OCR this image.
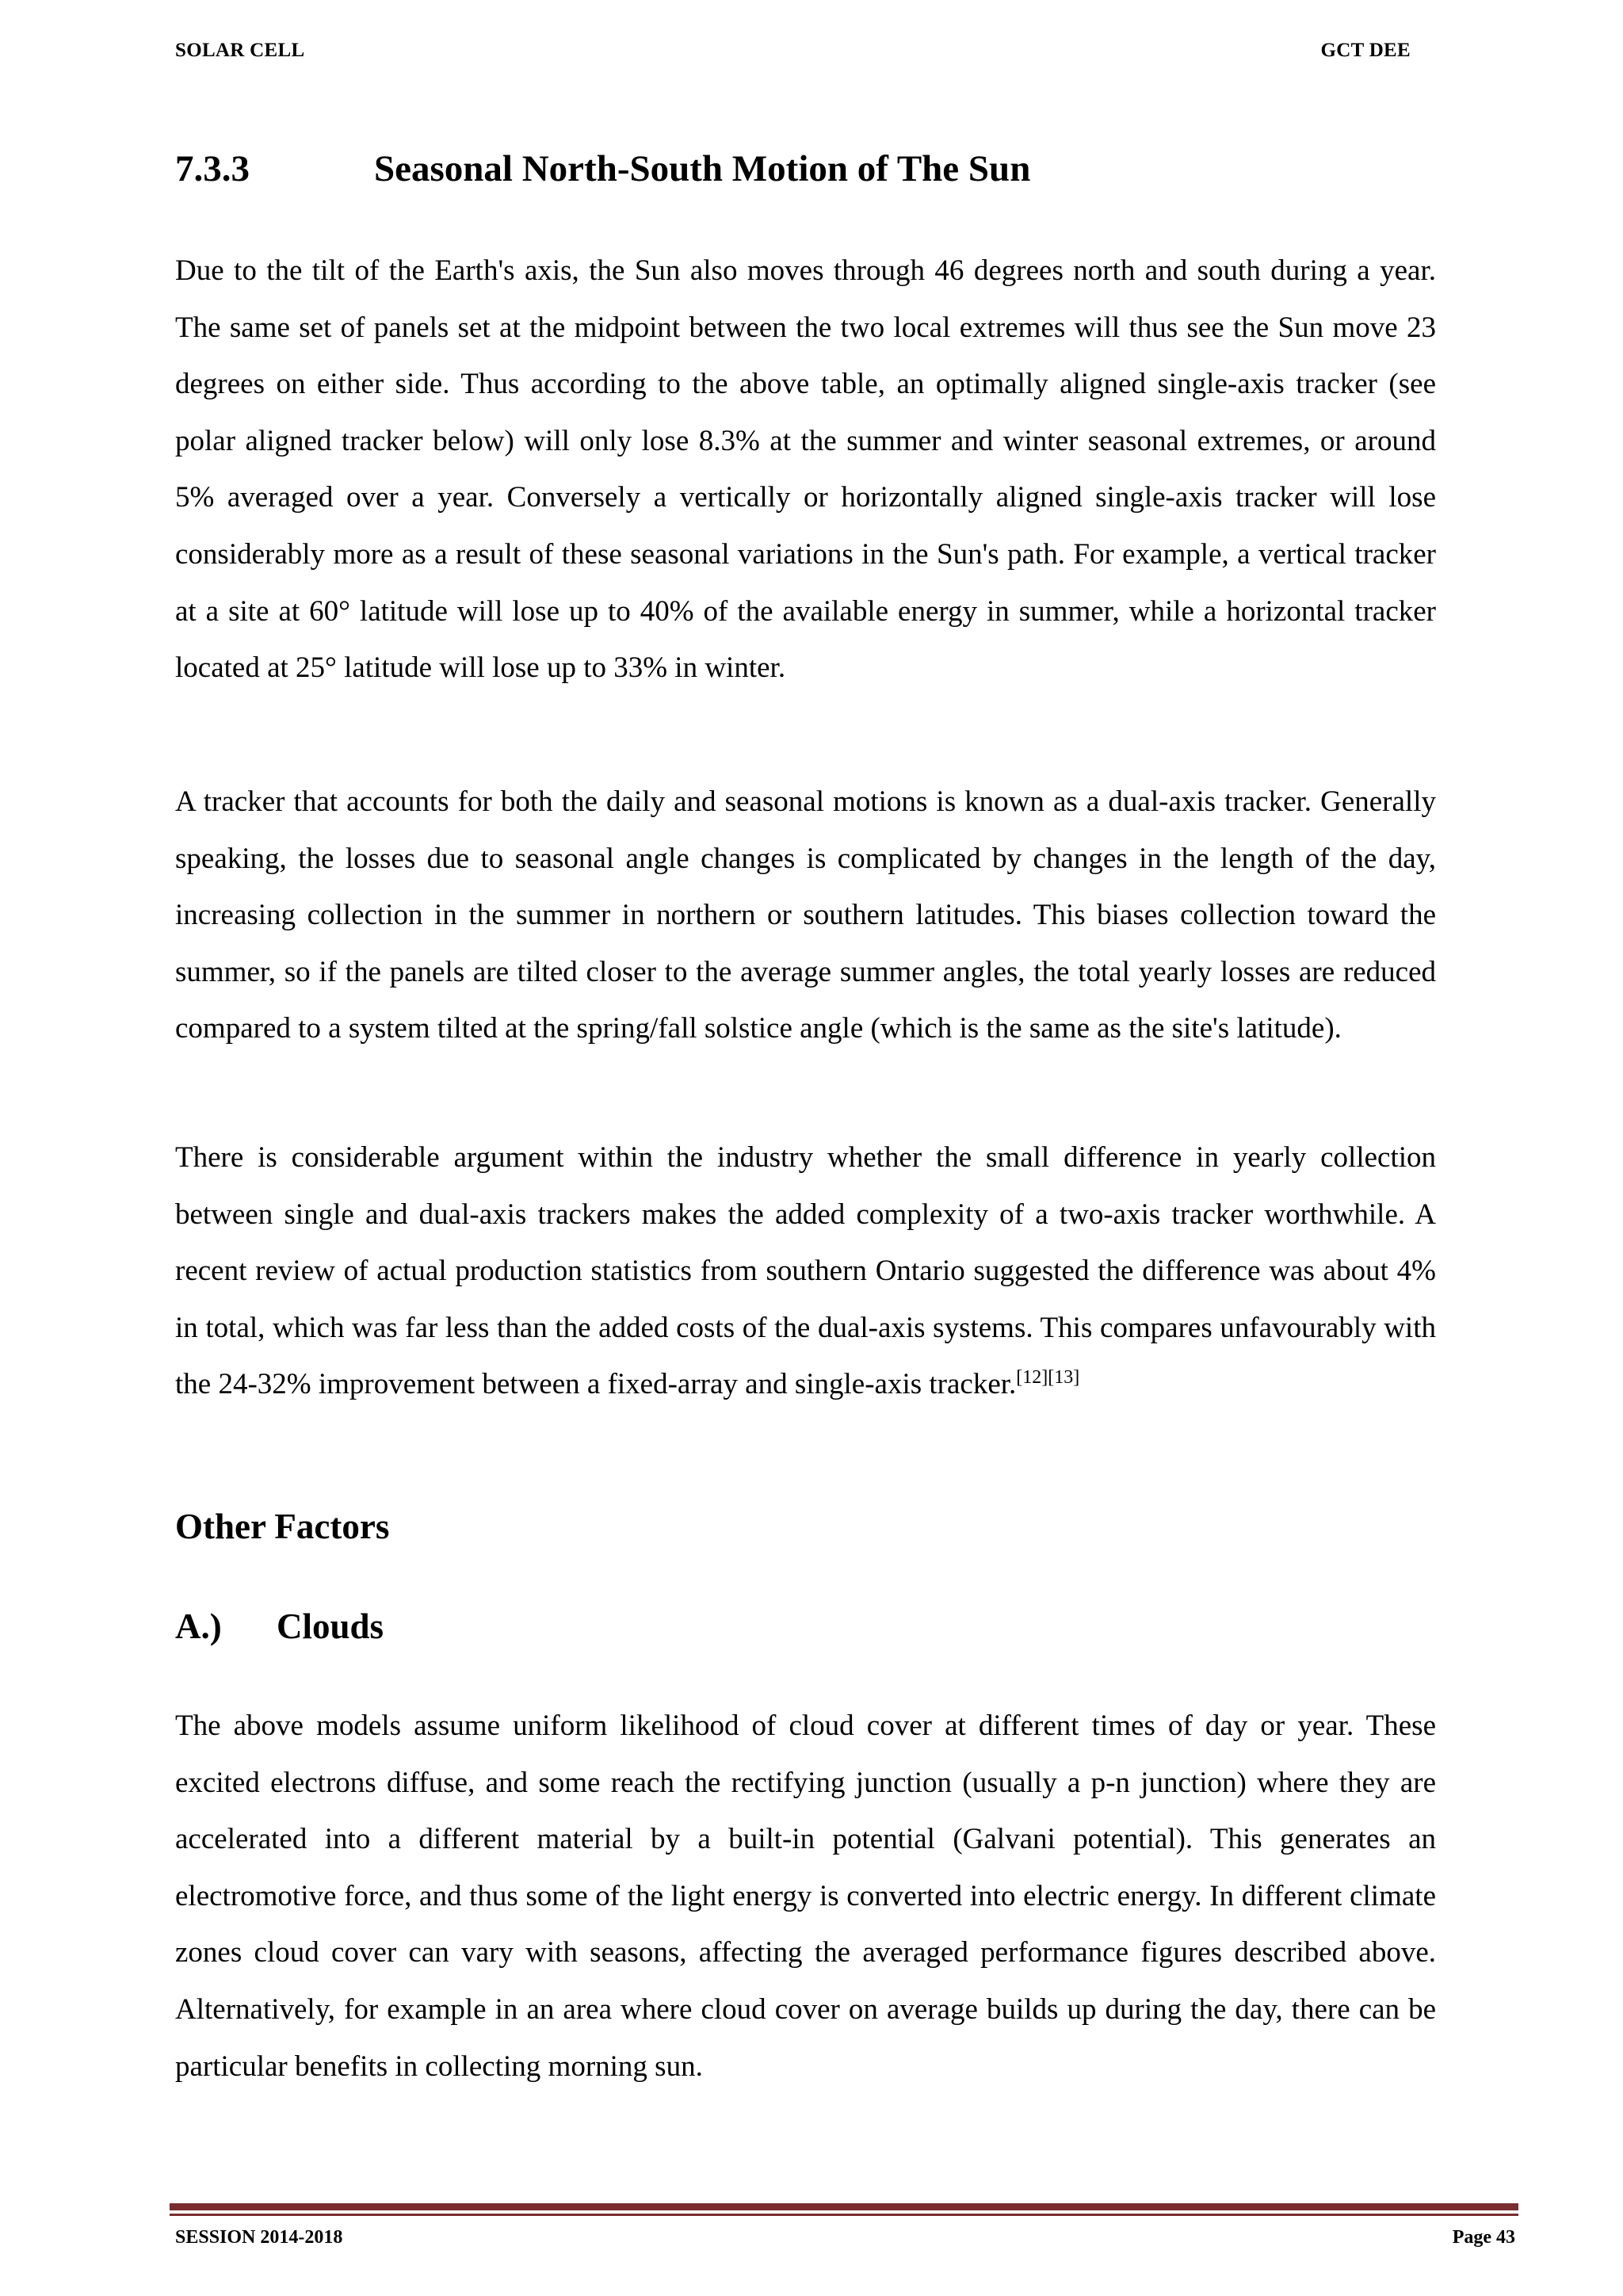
SOLAR CELL	GCT DEE
7.3.3	Seasonal North-South Motion of The Sun

Due to the tilt of the Earth's axis, the Sun also moves through 46 degrees north and south during a year. The same set of panels set at the midpoint between the two local extremes will thus see the Sun move 23 degrees on either side. Thus according to the above table, an optimally aligned single-axis tracker (see polar aligned tracker below) will only lose 8.3% at the summer and winter seasonal extremes, or around 5% averaged over a year. Conversely a vertically or horizontally aligned single-axis tracker will lose considerably more as a result of these seasonal variations in the Sun's path. For example, a vertical tracker at a site at 60° latitude will lose up to 40% of the available energy in summer, while a horizontal tracker located at 25° latitude will lose up to 33% in winter.

A tracker that accounts for both the daily and seasonal motions is known as a dual-axis tracker. Generally speaking, the losses due to seasonal angle changes is complicated by changes in the length of the day, increasing collection in the summer in northern or southern latitudes. This biases collection toward the summer, so if the panels are tilted closer to the average summer angles, the total yearly losses are reduced compared to a system tilted at the spring/fall solstice angle (which is the same as the site's latitude).

There is considerable argument within the industry whether the small difference in yearly collection between single and dual-axis trackers makes the added complexity of a two-axis tracker worthwhile. A recent review of actual production statistics from southern Ontario suggested the difference was about 4% in total, which was far less than the added costs of the dual-axis systems. This compares unfavourably with the 24-32% improvement between a fixed-array and single-axis tracker.[12][13]

Other Factors
A.) Clouds

The above models assume uniform likelihood of cloud cover at different times of day or year. These excited electrons diffuse, and some reach the rectifying junction (usually a p-n junction) where they are accelerated into a different material by a built-in potential (Galvani potential). This generates an electromotive force, and thus some of the light energy is converted into electric energy. In different climate zones cloud cover can vary with seasons, affecting the averaged performance figures described above. Alternatively, for example in an area where cloud cover on average builds up during the day, there can be particular benefits in collecting morning sun.

SESSION 2014-2018	Page 43
